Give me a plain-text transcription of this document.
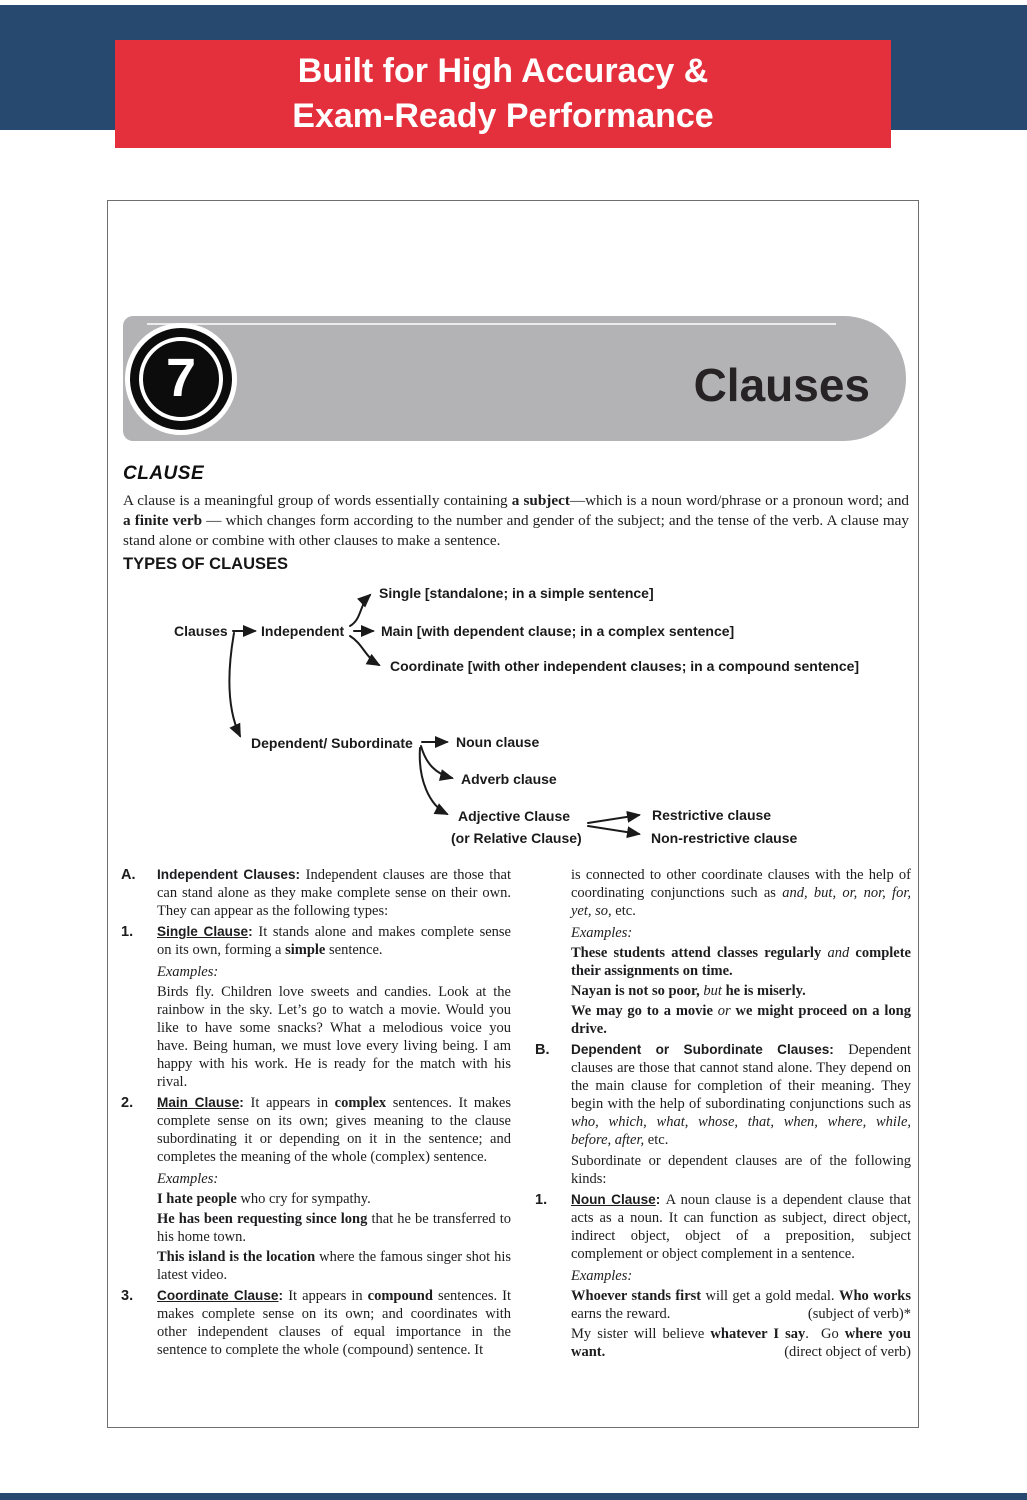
Built for High Accuracy &
Exam-Ready Performance
Clauses
7
CLAUSE

A clause is a meaningful group of words essentially containing a subject—which is a noun word/phrase or a pronoun word; and a finite verb — which changes form according to the number and gender of the subject; and the tense of the verb. A clause may stand alone or combine with other clauses to make a sentence.

TYPES OF CLAUSES
Clauses Independent
Single [standalone; in a simple sentence]
Main [with dependent clause; in a complex sentence]
Coordinate [with other independent clauses; in a compound sentence]
Dependent/ Subordinate	Noun clause
Adverb clause
Adjective Clause
(or Relative Clause)
Restrictive clause
Non-restrictive clause
A.	Independent Clauses: Independent clauses are those that can stand alone as they make complete sense on their own. They can appear as the following types:
1.	Single Clause: It stands alone and makes complete sense on its own, forming a simple sentence.
Examples:
Birds fly. Children love sweets and candies. Look at the rainbow in the sky. Let’s go to watch a movie. Would you like to have some snacks? What a melodious voice you have. Being human, we must love every living being. I am happy with his work. He is ready for the match with his rival.
2.	Main Clause: It appears in complex sentences. It makes complete sense on its own; gives meaning to the clause subordinating it or depending on it in the sentence; and completes the meaning of the whole (complex) sentence.
Examples:
I hate people who cry for sympathy.
He has been requesting since long that he be transferred to his home town.
This island is the location where the famous singer shot his latest video.
3.	Coordinate Clause: It appears in compound sentences. It makes complete sense on its own; and coordinates with other independent clauses of equal importance in the sentence to complete the whole (compound) sentence. It
is connected to other coordinate clauses with the help of coordinating conjunctions such as and, but, or, nor, for, yet, so, etc.
Examples:
These students attend classes regularly and complete their assignments on time.
Nayan is not so poor, but he is miserly.
We may go to a movie or we might proceed on a long drive.
B.	Dependent or Subordinate Clauses: Dependent clauses are those that cannot stand alone. They depend on the main clause for completion of their meaning. They begin with the help of subordinating conjunctions such as who, which, what, whose, that, when, where, while, before, after, etc.
Subordinate or dependent clauses are of the following kinds:
1.	Noun Clause: A noun clause is a dependent clause that acts as a noun. It can function as subject, direct object, indirect object, object of a preposition, subject complement or object complement in a sentence.
Examples:
Whoever stands first will get a gold medal. Who works earns the reward.	(subject of verb)*
My sister will believe whatever I say.  Go where you want.	(direct object of verb)
